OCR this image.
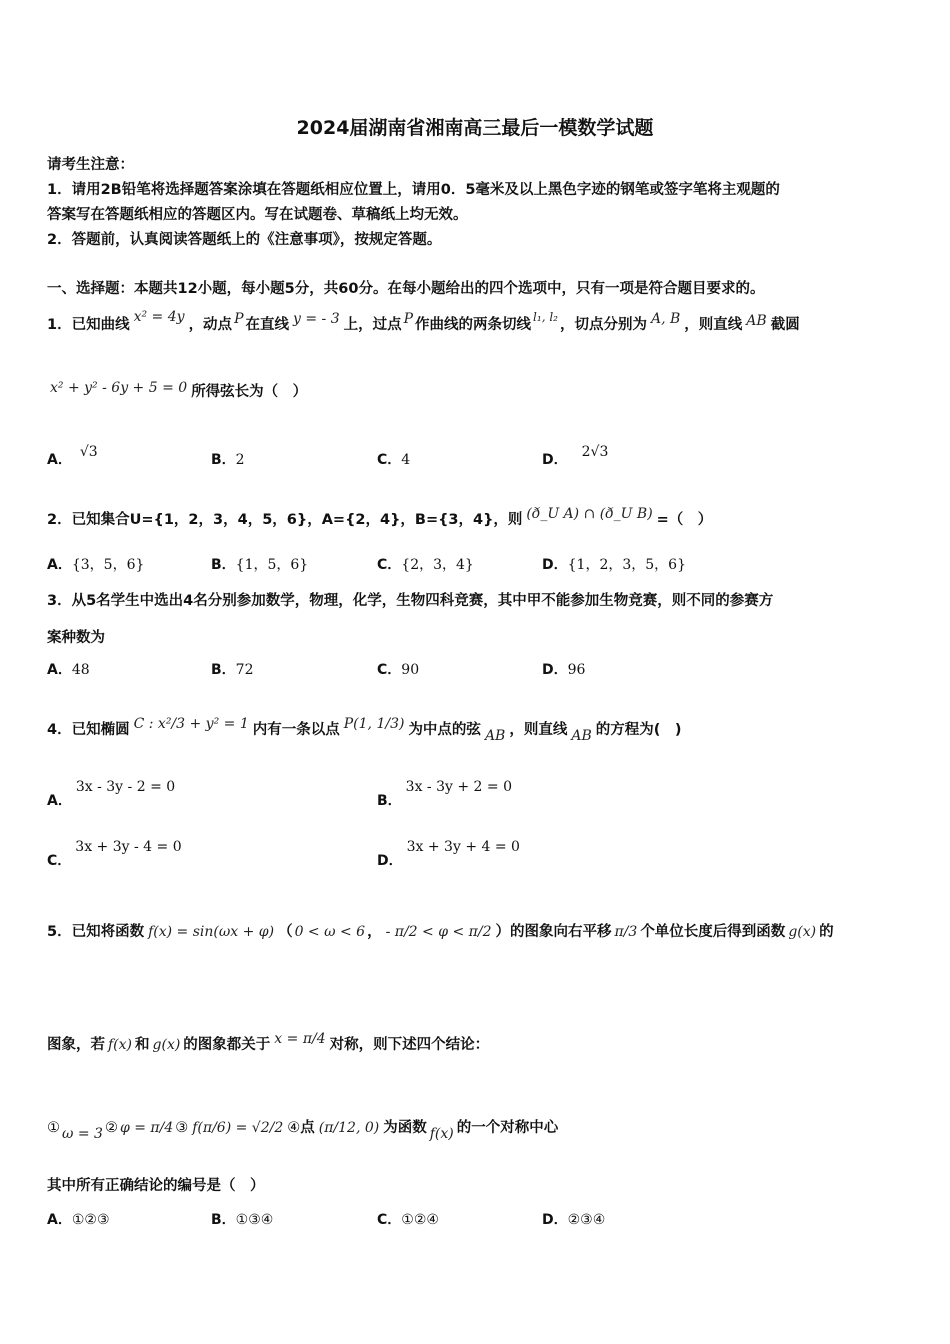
2024届湖南省湘南高三最后一模数学试题
请考生注意：
1．请用2B铅笔将选择题答案涂填在答题纸相应位置上，请用0．5毫米及以上黑色字迹的钢笔或签字笔将主观题的
答案写在答题纸相应的答题区内。写在试题卷、草稿纸上均无效。
2．答题前，认真阅读答题纸上的《注意事项》，按规定答题。
一、选择题：本题共12小题，每小题5分，共60分。在每小题给出的四个选项中，只有一项是符合题目要求的。
1．已知曲线 x² = 4y ，动点 P 在直线 y = - 3 上，过点 P 作曲线的两条切线 l₁, l₂ ，切点分别为 A, B ，则直线 AB 截圆
x² + y² - 6y + 5 = 0 所得弦长为（　）
A． √3	B． 2	C． 4	D． 2√3
2．已知集合U={1，2，3，4，5，6}，A={2，4}，B={3，4}，则 (ð_U A) ∩ (ð_U B) =（　）
A． {3，5，6}	B． {1，5，6}	C． {2，3，4}	D． {1，2，3，5，6}
3．从5名学生中选出4名分别参加数学，物理，化学，生物四科竞赛，其中甲不能参加生物竞赛，则不同的参赛方
案种数为
A． 48	B． 72	C． 90	D． 96
4．已知椭圆 C : x²/3 + y² = 1 内有一条以点 P(1, 1/3) 为中点的弦 AB ，则直线 AB 的方程为(　)
A．
3x - 3y - 2 = 0
B．
3x - 3y + 2 = 0
C．
3x + 3y - 4 = 0
D．
3x + 3y + 4 = 0
5．已知将函数 f(x) = sin(ωx + φ) （ 0 < ω < 6 ， - π/2 < φ < π/2 ）的图象向右平移 π/3 个单位长度后得到函数 g(x) 的
图象，若 f(x) 和 g(x) 的图象都关于 x = π/4 对称，则下述四个结论：
① ω = 3 ② φ = π/4 ③ f(π/6) = √2/2 ④ 点 (π/12, 0) 为函数 f(x) 的一个对称中心
其中所有正确结论的编号是（　）
A． ①②③	B． ①③④	C． ①②④	D． ②③④
